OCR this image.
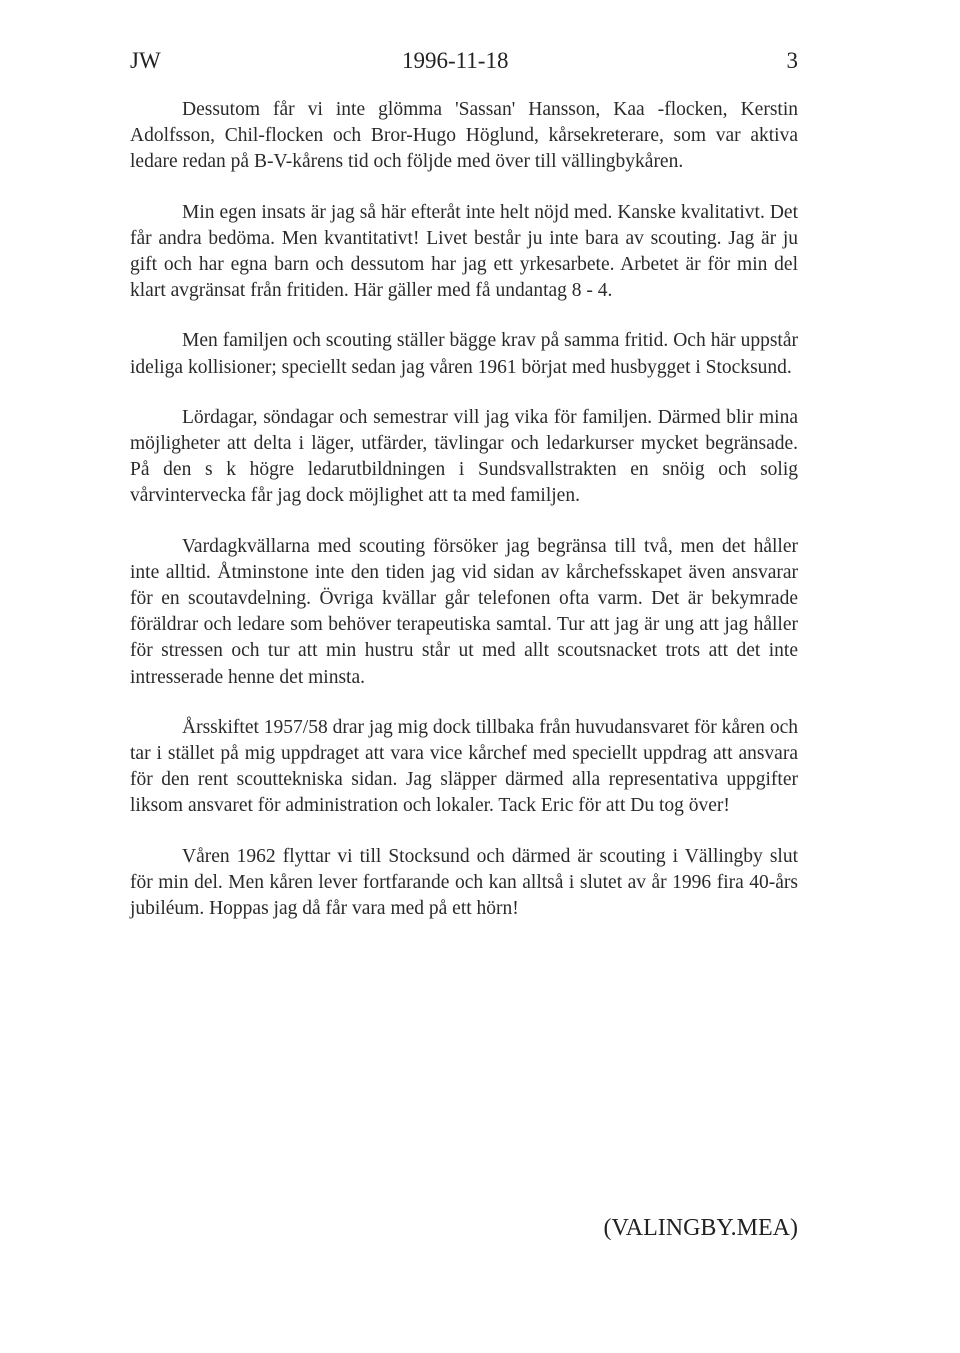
JW	1996-11-18	3

Dessutom får vi inte glömma 'Sassan' Hansson, Kaa -flocken, Kerstin Adolfsson, Chil-flocken och Bror-Hugo Höglund, kårsekreterare, som var aktiva ledare redan på B-V-kårens tid och följde med över till vällingbykåren.

Min egen insats är jag så här efteråt inte helt nöjd med. Kanske kvalitativt. Det får andra bedöma. Men kvantitativt! Livet består ju inte bara av scouting. Jag är ju gift och har egna barn och dessutom har jag ett yrkesarbete. Arbetet är för min del klart avgränsat från fritiden. Här gäller med få undantag 8 - 4.

Men familjen och scouting ställer bägge krav på samma fritid. Och här uppstår ideliga kollisioner; speciellt sedan jag våren 1961 börjat med husbygget i Stocksund.

Lördagar, söndagar och semestrar vill jag vika för familjen. Därmed blir mina möjligheter att delta i läger, utfärder, tävlingar och ledarkurser mycket begränsade. På den s k högre ledarutbildningen i Sundsvallstrakten en snöig och solig vårvintervecka får jag dock möjlighet att ta med familjen.

Vardagkvällarna med scouting försöker jag begränsa till två, men det håller inte alltid. Åtminstone inte den tiden jag vid sidan av kårchefsskapet även ansvarar för en scoutavdelning. Övriga kvällar går telefonen ofta varm. Det är bekymrade föräldrar och ledare som behöver terapeutiska samtal. Tur att jag är ung att jag håller för stressen och tur att min hustru står ut med allt scoutsnacket trots att det inte intresserade henne det minsta.

Årsskiftet 1957/58 drar jag mig dock tillbaka från huvudansvaret för kåren och tar i stället på mig uppdraget att vara vice kårchef med speciellt uppdrag att ansvara för den rent scouttekniska sidan. Jag släpper därmed alla representativa uppgifter liksom ansvaret för administration och lokaler. Tack Eric för att Du tog över!

Våren 1962 flyttar vi till Stocksund och därmed är scouting i Vällingby slut för min del. Men kåren lever fortfarande och kan alltså i slutet av år 1996 fira 40-års jubiléum. Hoppas jag då får vara med på ett hörn!

(VALINGBY.MEA)
